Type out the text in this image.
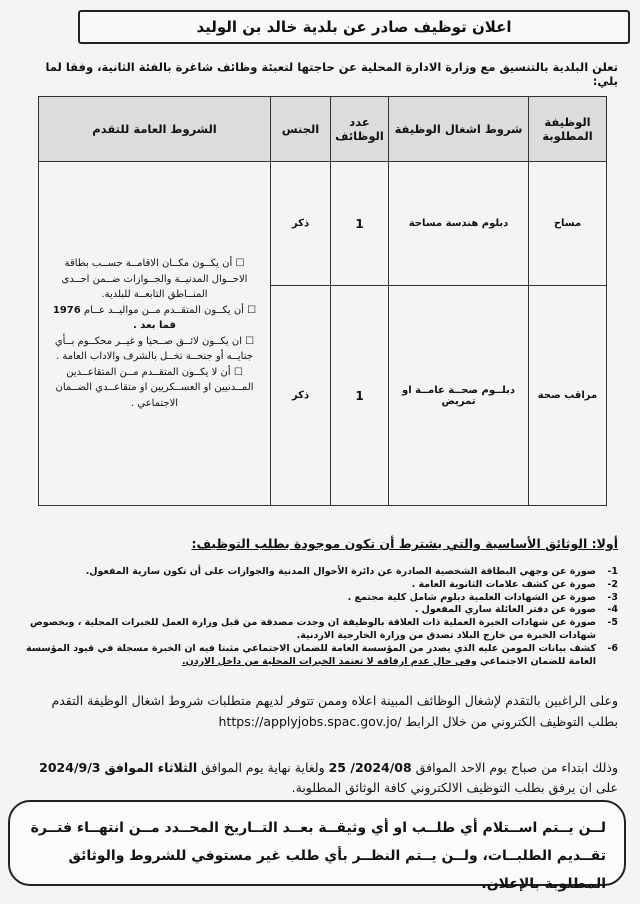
اعلان توظيف صادر عن بلدية خالد بن الوليد
تعلن البلدية بالتنسيق مع وزارة الادارة المحلية عن حاجتها لتعبئة وظائف شاغرة بالفئة الثانية، وفقا لما يلي:
الوظيفة المطلوبة	شروط اشغال الوظيفة	عدد الوظائف	الجنس	الشروط العامة للتقدم
مساح	دبلوم هندسة مساحة	1	ذكر	☐ أن يكــون مكــان الاقامــة حســب بطاقة الاحــوال المدنيــة والجــوازات ضــمن احــدى المنــاطق التابعــة للبلدية.
☐ أن يكــون المتقــدم مــن مواليــد عــام 1976 فما بعد .
☐ ان يكــون لائــق صــحيا و غيــر محكــوم بــأي جنايــه أو جنحــة تخــل بالشرف والاداب العامة .
☐ أن لا يكــون المتقــدم مــن المتقاعــدين المــدنيين او العســكريين او متقاعــدي الضــمان الاجتماعي .

مراقب صحة	دبلــوم صحــة عامــة او تمريض	1	ذكر	
أولا: الوثائق الأساسية والتي يشترط أن تكون موجودة بطلب التوظيف:
1-
صورة عن وجهي البطاقة الشخصية الصادرة عن دائرة الأحوال المدنية والجوازات على أن تكون سارية المفعول.
2-
صورة عن كشف علامات الثانوية العامة .
3-
صورة عن الشهادات العلمية دبلوم شامل كلية مجتمع .
4-
صورة عن دفتر العائلة ساري المفعول .
5-
صورة عن شهادات الخبرة العملية ذات العلاقة بالوظيفة ان وجدت مصدقة من قبل وزارة العمل للخبرات المحلية ، وبخصوص شهادات الخبرة من خارج البلاد تصدق من وزارة الخارجية الاردنية.
6-
كشف بيانات المومن عليه الذي يصدر من المؤسسة العامة للضمان الاجتماعي مثبتا فيه ان الخبرة مسجلة في قيود المؤسسة العامة للضمان الاجتماعي وفي حال عدم ارفاقه لا تعتمد الخبرات المحلية من داخل الاردن.
وعلى الراغبين بالتقدم لإشغال الوظائف المبينة اعلاه وممن تتوفر لديهم متطلبات شروط اشغال الوظيفة التقدم بطلب التوظيف الكتروني من خلال الرابط https://applyjobs.spac.gov.jo/
وذلك ابتداء من صباح يوم الاحد الموافق 2024/08/ 25 ولغاية نهاية يوم الموافق الثلاثاء الموافق 2024/9/3 على ان يرفق بطلب التوظيف الالكتروني كافة الوثائق المطلوبة.
لــن يــتم اســتلام أي طلــب او أي وثيقــة بعــد التــاريخ المحــدد مــن انتهــاء فتــرة تقــديم الطلبــات، ولــن يــتم النظــر بأي طلب غير مستوفي للشروط والوثائق المطلوبة بالإعلان.
